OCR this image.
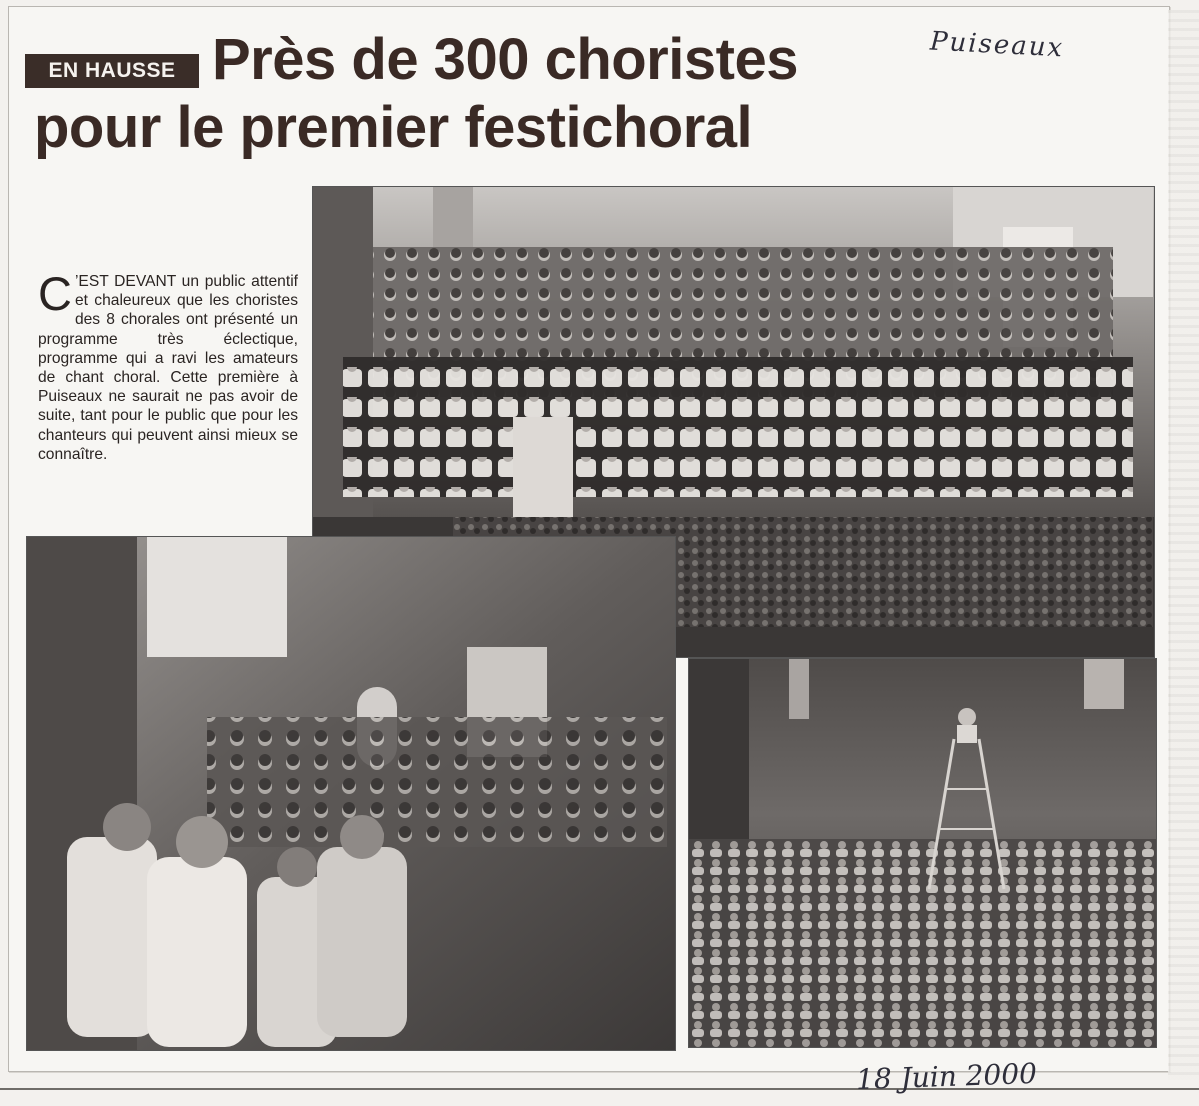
EN HAUSSE Près de 300 choristes
pour le premier festichoral
Puiseaux

C ’EST DEVANT un public attentif et chaleureux que les choristes des 8 chorales ont présenté un programme très éclectique, programme qui a ravi les amateurs de chant choral. Cette première à Puiseaux ne saurait ne pas avoir de suite, tant pour le public que pour les chanteurs qui peuvent ainsi mieux se connaître.

18 Juin 2000
